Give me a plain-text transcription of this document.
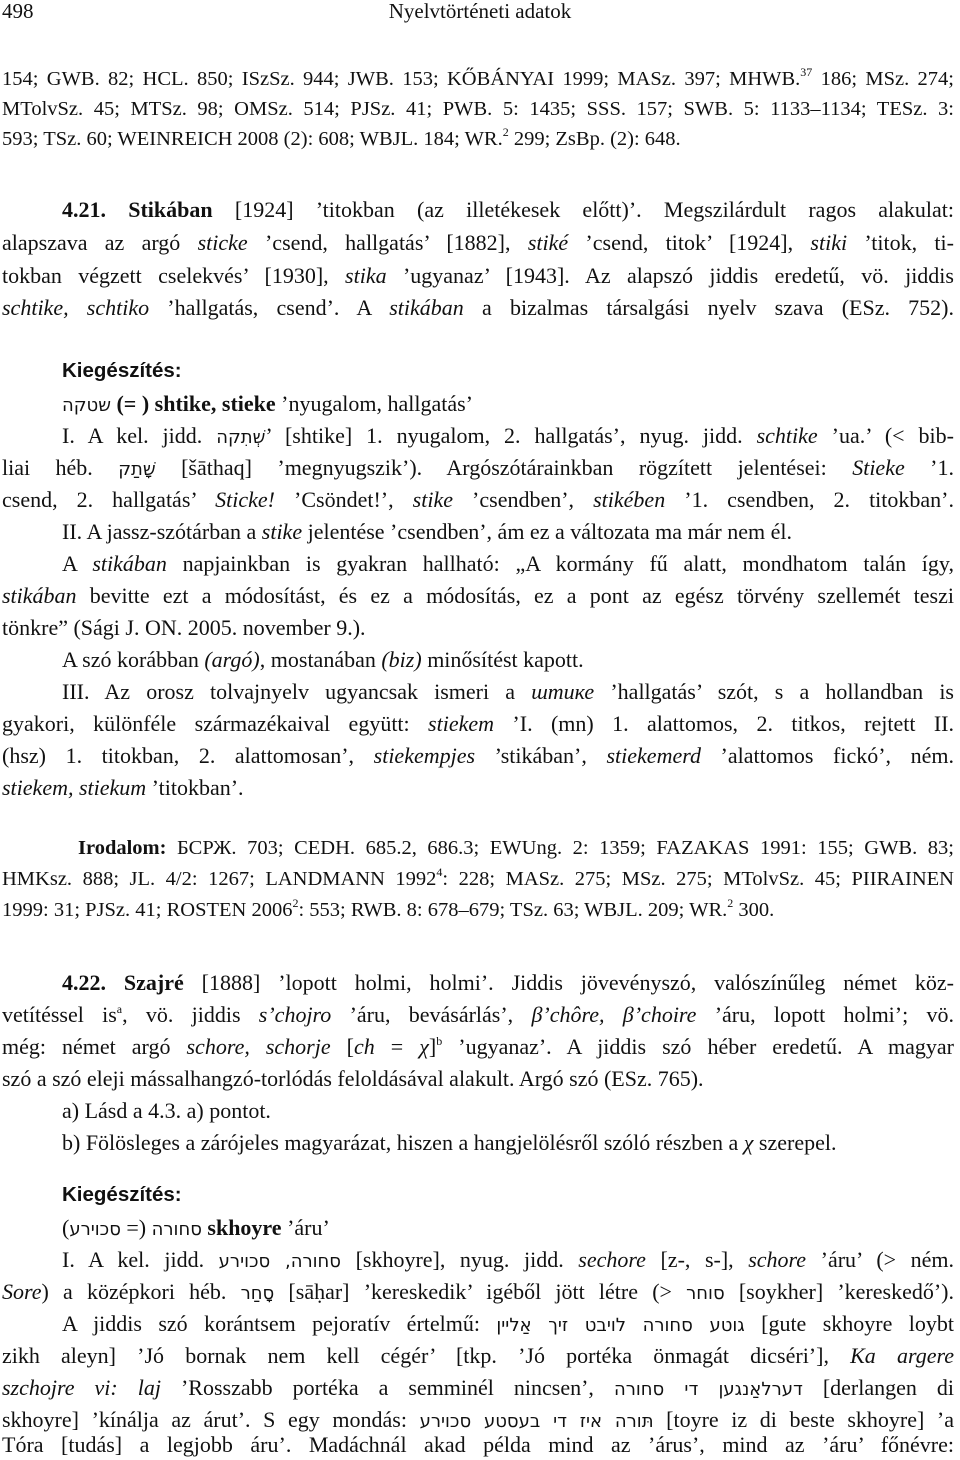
498	Nyelvtörténeti adatok
154; GWB. 82; HCL. 850; ISzSz. 944; JWB. 153; KŐBÁNYAI 1999; MASz. 397; MHWB.$^{37}$ 186; MSz. 274;
MTolvSz. 45; MTSz. 98; OMSz. 514; PJSz. 41; PWB. 5: 1435; SSS. 157; SWB. 5: 1133–1134; TESz. 3:
593; TSz. 60; WEINREICH 2008 (2): 608; WBJL. 184; WR.$^2$ 299; ZsBp. (2): 648.
4.21. Stikában [1924] ’titokban (az illetékesek előtt)’. Megszilárdult ragos alakulat:
alapszava az argó sticke ’csend, hallgatás’ [1882], stiké ’csend, titok’ [1924], stiki ’titok, ti-
tokban végzett cselekvés’ [1930], stika ’ugyanaz’ [1943]. Az alapszó jiddis eredetű, vö. jiddis
schtike, schtiko ’hallgatás, csend’. A stikában a bizalmas társalgási nyelv szava (ESz. 752).
Kiegészítés:
שטקה (= ) shtike, stieke ’nyugalom, hallgatás’
I. A kel. jidd. שְׁתִקה’ [shtike] 1. nyugalom, 2. hallgatás’, nyug. jidd. schtike ’ua.’ (< bib-
liai héb. שָׁתַק [šāthaq] ’megnyugszik’). Argószótárainkban rögzített jelentései: Stieke ’1.
csend, 2. hallgatás’ Sticke! ’Csöndet!’, stike ’csendben’, stikében ’1. csendben, 2. titokban’.
II. A jassz-szótárban a stike jelentése ’csendben’, ám ez a változata ma már nem él.
A stikában napjainkban is gyakran hallható: „A kormány fű alatt, mondhatom talán így,
stikában bevitte ezt a módosítást, és ez a módosítás, ez a pont az egész törvény szellemét teszi
tönkre” (Sági J. ON. 2005. november 9.).
A szó korábban (argó), mostanában (biz) minősítést kapott.
III. Az orosz tolvajnyelv ugyancsak ismeri a штике ’hallgatás’ szót, s a hollandban is
gyakori, különféle származékaival együtt: stiekem ’I. (mn) 1. alattomos, 2. titkos, rejtett II.
(hsz) 1. titokban, 2. alattomosan’, stiekempjes ’stikában’, stiekemerd ’alattomos fickó’, ném.
stiekem, stiekum ’titokban’.
Irodalom: БСРЖ. 703; CEDH. 685.2, 686.3; EWUng. 2: 1359; FAZAKAS 1991: 155; GWB. 83;
HMKsz. 888; JL. 4/2: 1267; LANDMANN 1992$^4$: 228; MASz. 275; MSz. 275; MTolvSz. 45; PIIRAINEN
1999: 31; PJSz. 41; ROSTEN 2006$^2$: 553; RWB. 8: 678–679; TSz. 63; WBJL. 209; WR.$^2$ 300.
4.22. Szajré [1888] ’lopott holmi, holmi’. Jiddis jövevényszó, valószínűleg német köz-
vetítéssel $is^a$, vö. jiddis s’chojro ’áru, bevásárlás’, β’chôre, β’choire ’áru, lopott holmi’; vö.
még: német argó schore, schorje [ch = χ]$^b$ ’ugyanaz’. A jiddis szó héber eredetű. A magyar
szó a szó eleji mássalhangzó-torlódás feloldásával alakult. Argó szó (ESz. 765).
a) Lásd a 4.3. a) pontot.
b) Fölösleges a zárójeles magyarázat, hiszen a hangjelölésről szóló részben a χ szerepel.
Kiegészítés:
סחורה (= סכוירע) skhoyre ’áru’
I. A kel. jidd. סחורה, סכוירע [skhoyre], nyug. jidd. sechore [z-, s-], schore ’áru’ (> ném.
Sore) a középkori héb. סָחַר [sāḥar] ’kereskedik’ igéből jött létre (> סוחר [soykher] ’kereskedő’).
A jiddis szó korántsem pejoratív értelmű: גוטע סחורה לויבט זיך אַליין [gute skhoyre loybt
zikh aleyn] ’Jó bornak nem kell cégér’ [tkp. ’Jó portéka önmagát dicséri’], Ka argere
szchojre vi: laj ’Rosszabb portéka a semminél nincsen’, דערלאַנגען די סחורה [derlangen di
skhoyre] ’kínálja az árut’. S egy mondás: תּורה איז די בעסטע סכוירע [toyre iz di beste skhoyre] ’a
Tóra [tudás] a legjobb áru’. Madáchnál akad példa mind az ’árus’, mind az ’áru’ főnévre:
